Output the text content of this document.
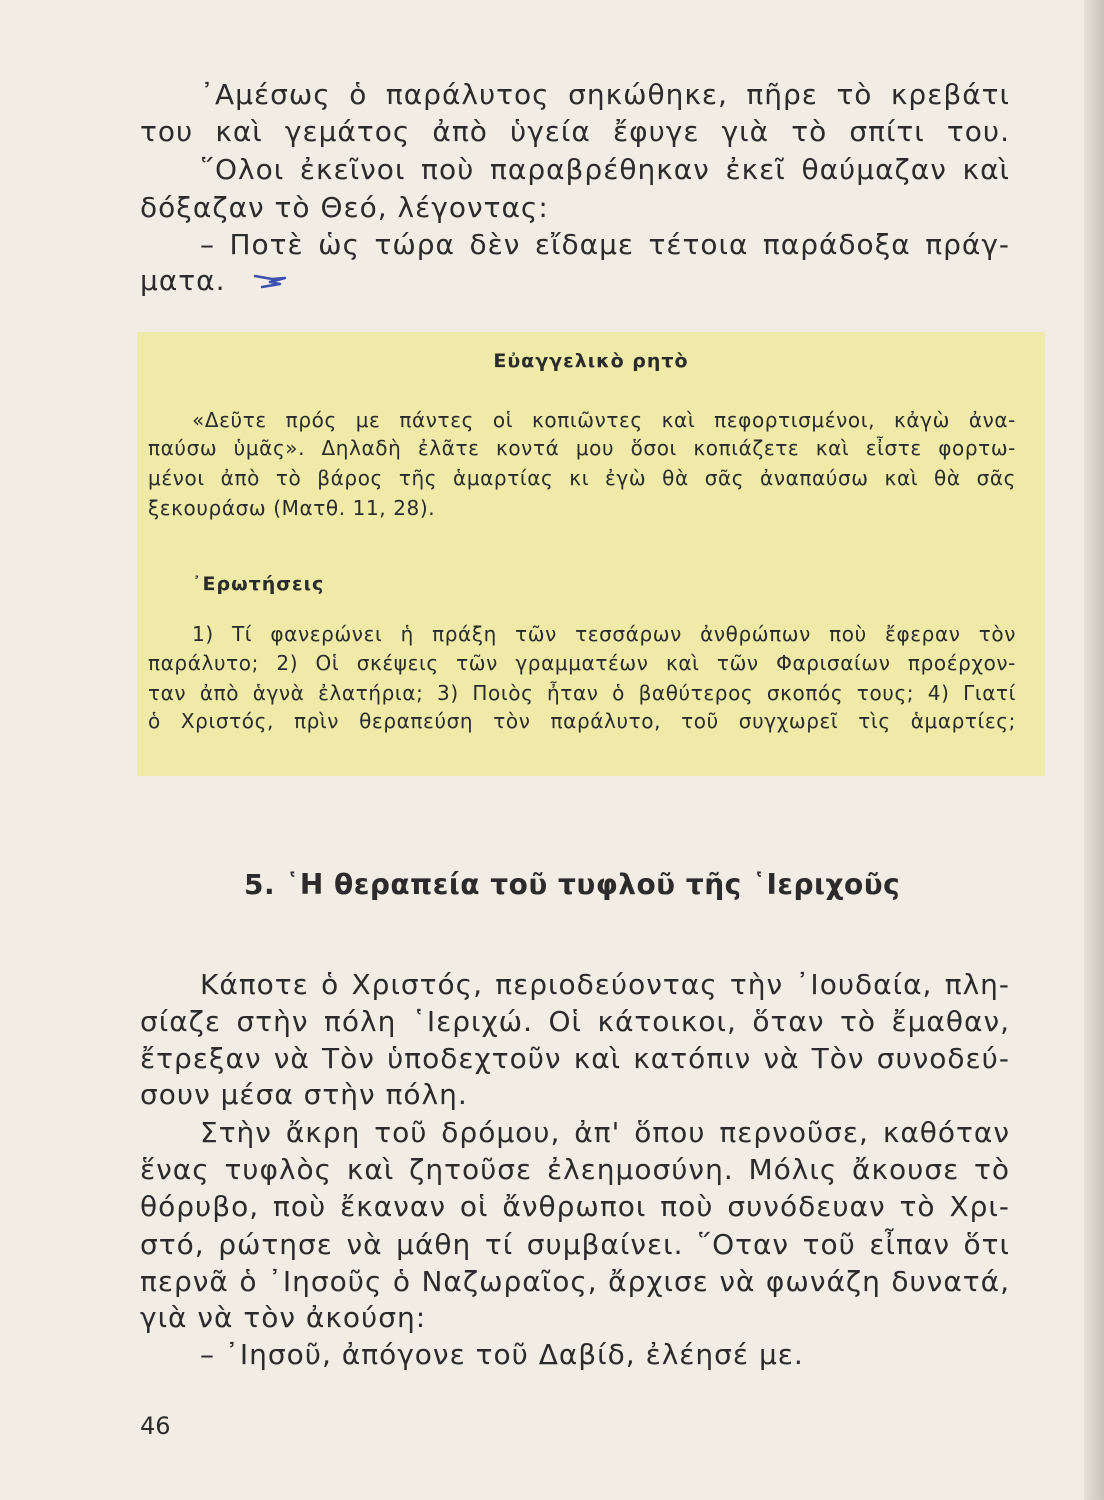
᾿Αμέσως ὁ παράλυτος σηκώθηκε, πῆρε τὸ κρεβάτι
του καὶ γεμάτος ἀπὸ ὑγεία ἔφυγε γιὰ τὸ σπίτι του.
῞Ολοι ἐκεῖνοι ποὺ παραβρέθηκαν ἐκεῖ θαύμαζαν καὶ
δόξαζαν τὸ Θεό, λέγοντας:
– Ποτὲ ὡς τώρα δὲν εἴδαμε τέτοια παράδοξα πράγ-
ματα.
Εὐαγγελικὸ ρητὸ
«Δεῦτε πρός με πάντες οἱ κοπιῶντες καὶ πεφορτισμένοι, κἀγὼ ἀνα-
παύσω ὑμᾶς». Δηλαδὴ ἐλᾶτε κοντά μου ὅσοι κοπιάζετε καὶ εἶστε φορτω-
μένοι ἀπὸ τὸ βάρος τῆς ἁμαρτίας κι ἐγὼ θὰ σᾶς ἀναπαύσω καὶ θὰ σᾶς
ξεκουράσω (Ματθ. 11, 28).
᾿Ερωτήσεις
1) Τί φανερώνει ἡ πράξη τῶν τεσσάρων ἀνθρώπων ποὺ ἔφεραν τὸν
παράλυτο; 2) Οἱ σκέψεις τῶν γραμματέων καὶ τῶν Φαρισαίων προέρχον-
ταν ἀπὸ ἁγνὰ ἐλατήρια; 3) Ποιὸς ἦταν ὁ βαθύτερος σκοπός τους; 4) Γιατί
ὁ Χριστός, πρὶν θεραπεύση τὸν παράλυτο, τοῦ συγχωρεῖ τὶς ἁμαρτίες;
5. ῾Η θεραπεία τοῦ τυφλοῦ τῆς ῾Ιεριχοῦς
Κάποτε ὁ Χριστός, περιοδεύοντας τὴν ᾿Ιουδαία, πλη-
σίαζε στὴν πόλη ῾Ιεριχώ. Οἱ κάτοικοι, ὅταν τὸ ἔμαθαν,
ἔτρεξαν νὰ Τὸν ὑποδεχτοῦν καὶ κατόπιν νὰ Τὸν συνοδεύ-
σουν μέσα στὴν πόλη.
Στὴν ἄκρη τοῦ δρόμου, ἀπ' ὅπου περνοῦσε, καθόταν
ἕνας τυφλὸς καὶ ζητοῦσε ἐλεημοσύνη. Μόλις ἄκουσε τὸ
θόρυβο, ποὺ ἔκαναν οἱ ἄνθρωποι ποὺ συνόδευαν τὸ Χρι-
στό, ρώτησε νὰ μάθη τί συμβαίνει. ῞Οταν τοῦ εἶπαν ὅτι
περνᾶ ὁ ᾿Ιησοῦς ὁ Ναζωραῖος, ἄρχισε νὰ φωνάζη δυνατά,
γιὰ νὰ τὸν ἀκούση:
– ᾿Ιησοῦ, ἀπόγονε τοῦ Δαβίδ, ἐλέησέ με.
46
